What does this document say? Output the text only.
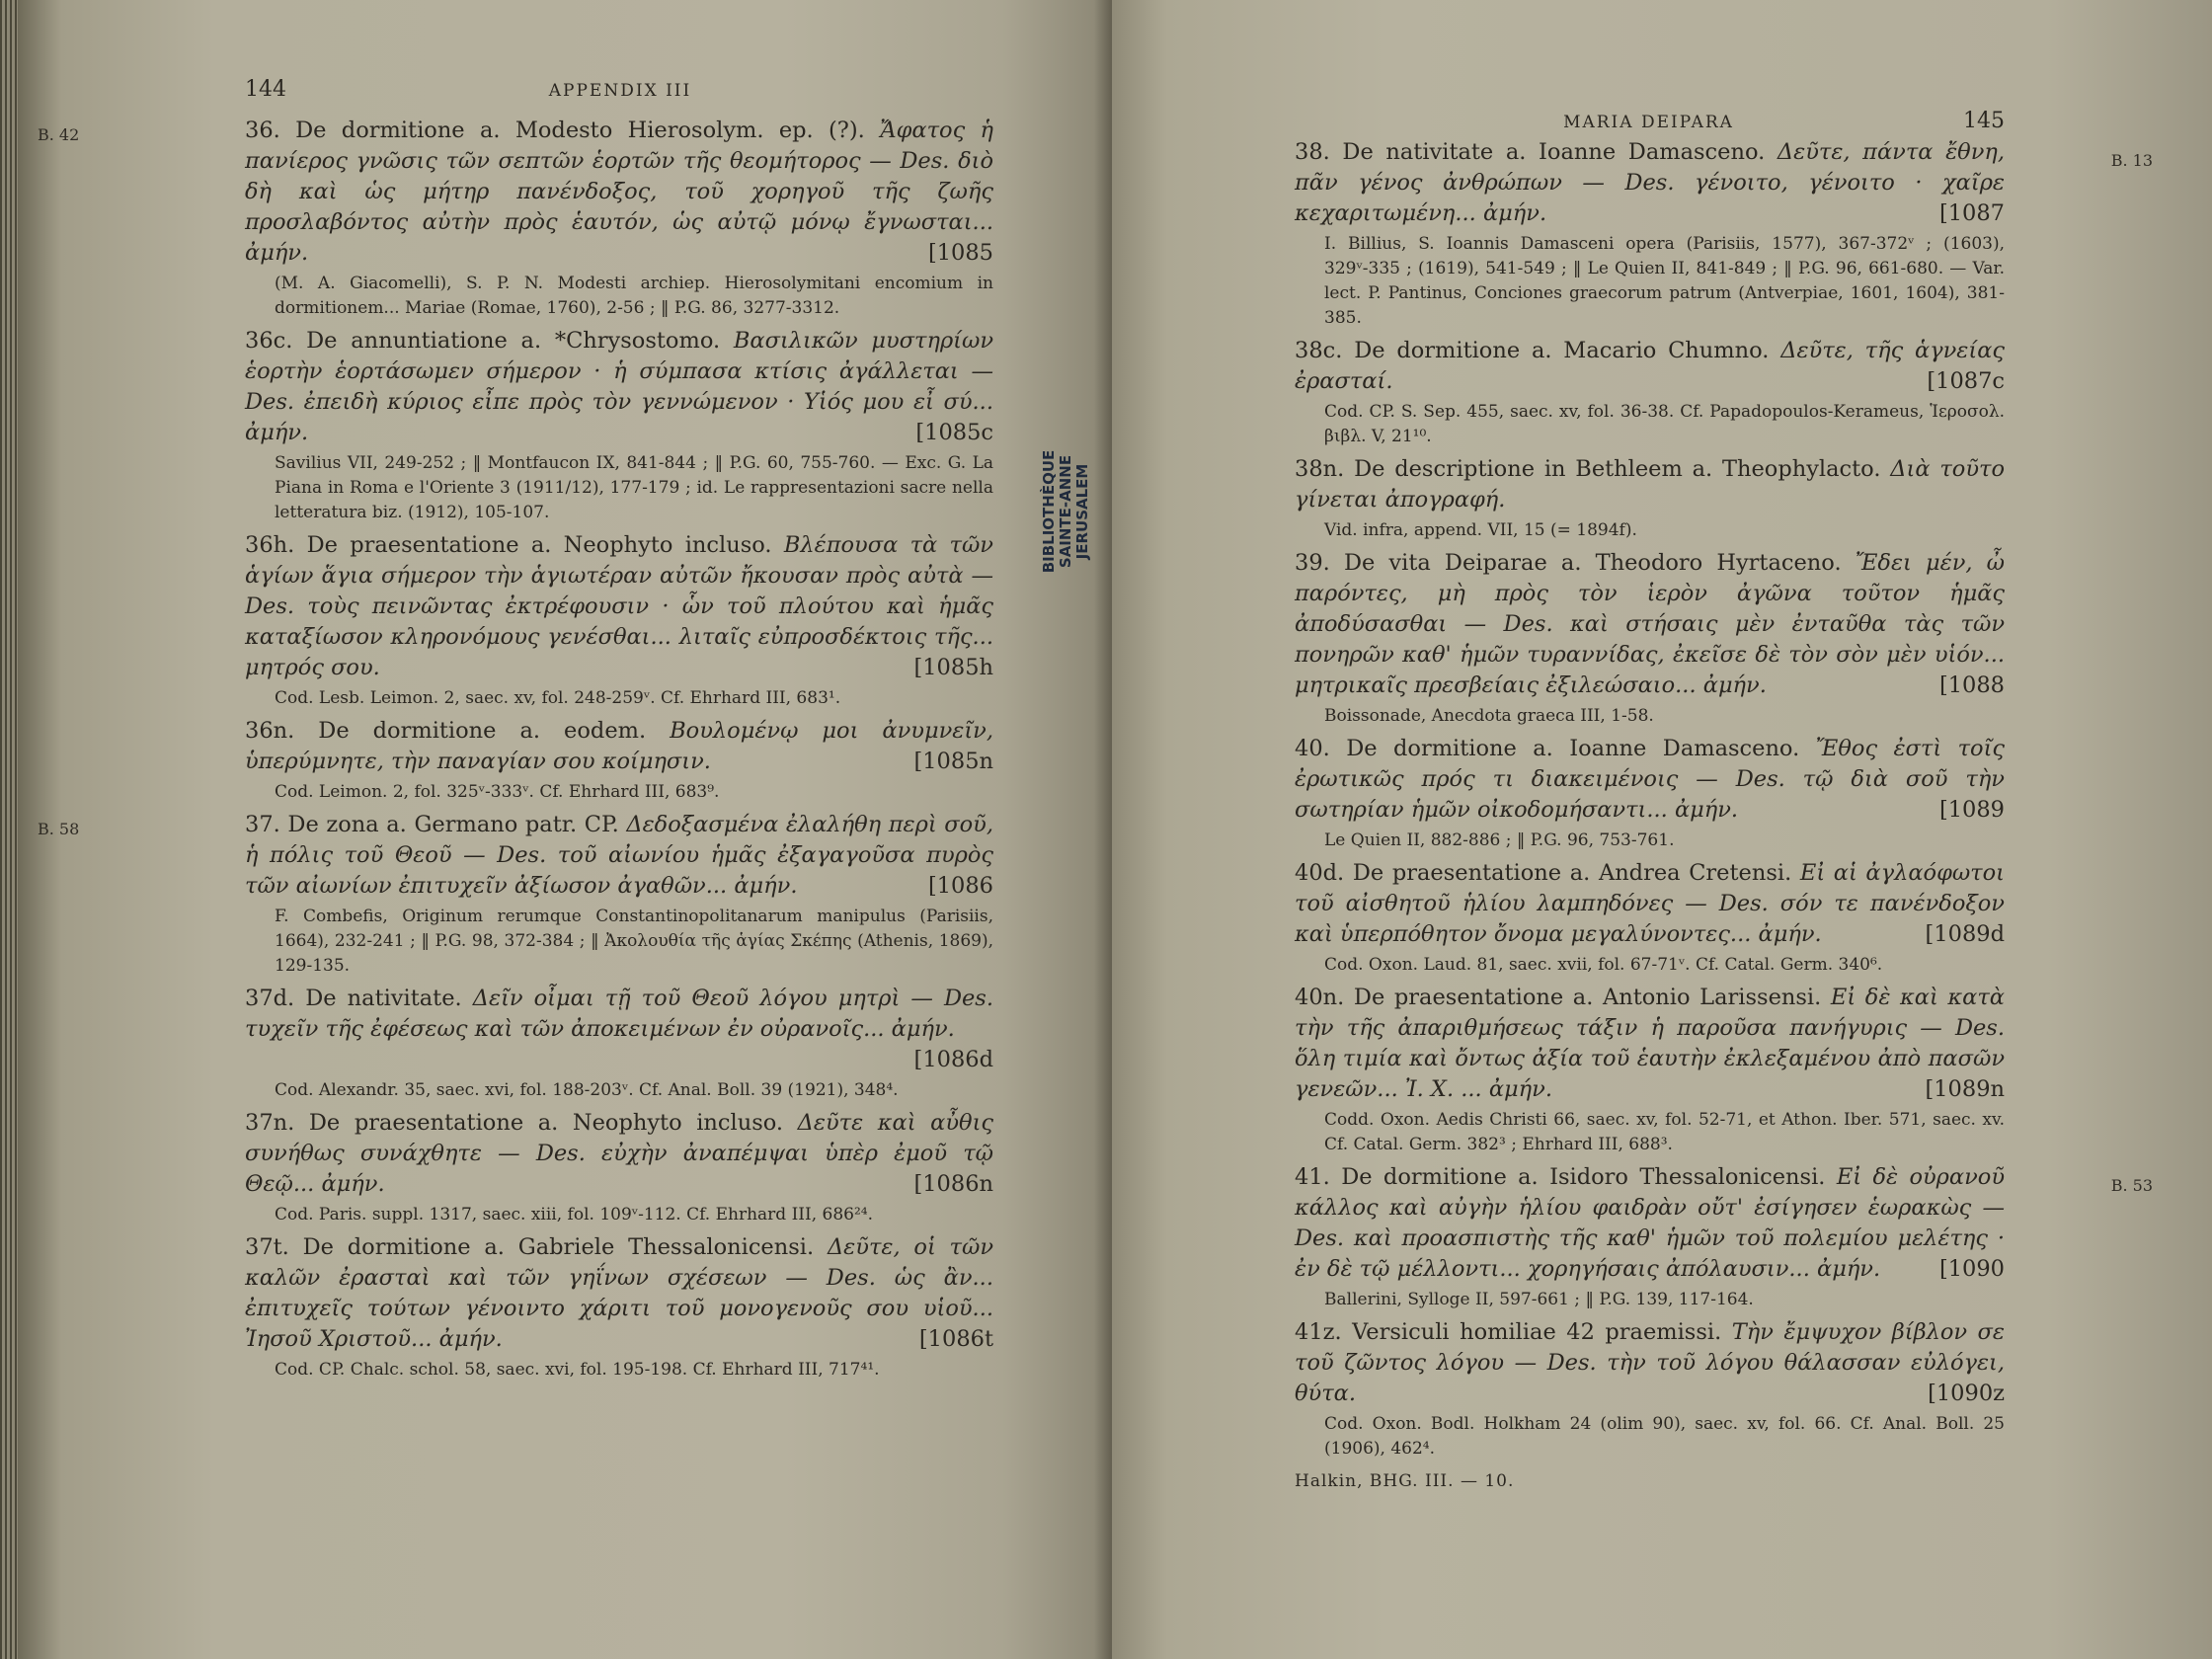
144	APPENDIX III
B. 42	36. De dormitione a. Modesto Hierosolym. ep. (?). Ἄφατος ἡ πανίερος γνῶσις τῶν σεπτῶν ἑορτῶν τῆς θεομήτορος — Des. διὸ δὴ καὶ ὡς μήτηρ πανένδοξος, τοῦ χορηγοῦ τῆς ζωῆς προσλαβόντος αὐτὴν πρὸς ἑαυτόν, ὡς αὐτῷ μόνῳ ἔγνωσται... ἀμήν.	[1085
(M. A. Giacomelli), S. P. N. Modesti archiep. Hierosolymitani encomium in dormitionem... Mariae (Romae, 1760), 2-56 ; ‖ P.G. 86, 3277-3312.
36c. De annuntiatione a. *Chrysostomo. Βασιλικῶν μυστηρίων ἑορτὴν ἑορτάσωμεν σήμερον · ἡ σύμπασα κτίσις ἀγάλλεται — Des. ἐπειδὴ κύριος εἶπε πρὸς τὸν γεννώμενον · Υἱός μου εἶ σύ... ἀμήν.	[1085c
Savilius VII, 249-252 ; ‖ Montfaucon IX, 841-844 ; ‖ P.G. 60, 755-760. — Exc. G. La Piana in Roma e l'Oriente 3 (1911/12), 177-179 ; id. Le rappresentazioni sacre nella letteratura biz. (1912), 105-107.
36h. De praesentatione a. Neophyto incluso. Βλέπουσα τὰ τῶν ἁγίων ἅγια σήμερον τὴν ἁγιωτέραν αὐτῶν ἤκουσαν πρὸς αὐτὰ — Des. τοὺς πεινῶντας ἐκτρέφουσιν · ὧν τοῦ πλούτου καὶ ἡμᾶς καταξίωσον κληρονόμους γενέσθαι... λιταῖς εὐπροσδέκτοις τῆς... μητρός σου.	[1085h
Cod. Lesb. Leimon. 2, saec. xv, fol. 248-259ᵛ. Cf. Ehrhard III, 683¹.
36n. De dormitione a. eodem. Βουλομένῳ μοι ἀνυμνεῖν, ὑπερύμνητε, τὴν παναγίαν σου κοίμησιν.	[1085n
Cod. Leimon. 2, fol. 325ᵛ-333ᵛ. Cf. Ehrhard III, 683⁹.
B. 58	37. De zona a. Germano patr. CP. Δεδοξασμένα ἐλαλήθη περὶ σοῦ, ἡ πόλις τοῦ Θεοῦ — Des. τοῦ αἰωνίου ἡμᾶς ἐξαγαγοῦσα πυρὸς τῶν αἰωνίων ἐπιτυχεῖν ἀξίωσον ἀγαθῶν... ἀμήν.	[1086
F. Combefis, Originum rerumque Constantinopolitanarum manipulus (Parisiis, 1664), 232-241 ; ‖ P.G. 98, 372-384 ; ‖ Ἀκολουθία τῆς ἁγίας Σκέπης (Athenis, 1869), 129-135.
37d. De nativitate. Δεῖν οἶμαι τῇ τοῦ Θεοῦ λόγου μητρὶ — Des. τυχεῖν τῆς ἐφέσεως καὶ τῶν ἀποκειμένων ἐν οὐρανοῖς... ἀμήν.
[1086d
Cod. Alexandr. 35, saec. xvi, fol. 188-203ᵛ. Cf. Anal. Boll. 39 (1921), 348⁴.
37n. De praesentatione a. Neophyto incluso. Δεῦτε καὶ αὖθις συνήθως συνάχθητε — Des. εὐχὴν ἀναπέμψαι ὑπὲρ ἐμοῦ τῷ Θεῷ... ἀμήν.	[1086n
Cod. Paris. suppl. 1317, saec. xiii, fol. 109ᵛ-112. Cf. Ehrhard III, 686²⁴.
37t. De dormitione a. Gabriele Thessalonicensi. Δεῦτε, οἱ τῶν καλῶν ἐρασταὶ καὶ τῶν γηΐνων σχέσεων — Des. ὡς ἂν... ἐπιτυχεῖς τούτων γένοιντο χάριτι τοῦ μονογενοῦς σου υἱοῦ... Ἰησοῦ Χριστοῦ... ἀμήν.	[1086t
Cod. CP. Chalc. schol. 58, saec. xvi, fol. 195-198. Cf. Ehrhard III, 717⁴¹.
BIBLIOTHÈQUE SAINTE-ANNE JERUSALEM
MARIA DEIPARA	145
B. 13
38. De nativitate a. Ioanne Damasceno. Δεῦτε, πάντα ἔθνη, πᾶν γένος ἀνθρώπων — Des. γένοιτο, γένοιτο · χαῖρε κεχαριτωμένη... ἀμήν.	[1087
I. Billius, S. Ioannis Damasceni opera (Parisiis, 1577), 367-372ᵛ ; (1603), 329ᵛ-335 ; (1619), 541-549 ; ‖ Le Quien II, 841-849 ; ‖ P.G. 96, 661-680. — Var. lect. P. Pantinus, Conciones graecorum patrum (Antverpiae, 1601, 1604), 381-385.
38c. De dormitione a. Macario Chumno. Δεῦτε, τῆς ἁγνείας ἐρασταί.	[1087c
Cod. CP. S. Sep. 455, saec. xv, fol. 36-38. Cf. Papadopoulos-Kerameus, Ἱεροσολ. βιβλ. V, 21¹⁰.
38n. De descriptione in Bethleem a. Theophylacto. Διὰ τοῦτο γίνεται ἀπογραφή.
Vid. infra, append. VII, 15 (= 1894f).
39. De vita Deiparae a. Theodoro Hyrtaceno. Ἔδει μέν, ὦ παρόντες, μὴ πρὸς τὸν ἱερὸν ἀγῶνα τοῦτον ἡμᾶς ἀποδύσασθαι — Des. καὶ στήσαις μὲν ἐνταῦθα τὰς τῶν πονηρῶν καθ' ἡμῶν τυραννίδας, ἐκεῖσε δὲ τὸν σὸν μὲν υἱόν... μητρικαῖς πρεσβείαις ἐξιλεώσαιο... ἀμήν.	[1088
Boissonade, Anecdota graeca III, 1-58.
40. De dormitione a. Ioanne Damasceno. Ἔθος ἐστὶ τοῖς ἐρωτικῶς πρός τι διακειμένοις — Des. τῷ διὰ σοῦ τὴν σωτηρίαν ἡμῶν οἰκοδομήσαντι... ἀμήν.	[1089
Le Quien II, 882-886 ; ‖ P.G. 96, 753-761.
40d. De praesentatione a. Andrea Cretensi. Εἰ αἱ ἀγλαόφωτοι τοῦ αἰσθητοῦ ἡλίου λαμπηδόνες — Des. σόν τε πανένδοξον καὶ ὑπερπόθητον ὄνομα μεγαλύνοντες... ἀμήν.	[1089d
Cod. Oxon. Laud. 81, saec. xvii, fol. 67-71ᵛ. Cf. Catal. Germ. 340⁶.
40n. De praesentatione a. Antonio Larissensi. Εἰ δὲ καὶ κατὰ τὴν τῆς ἀπαριθμήσεως τάξιν ἡ παροῦσα πανήγυρις — Des. ὅλη τιμία καὶ ὄντως ἀξία τοῦ ἑαυτὴν ἐκλεξαμένου ἀπὸ πασῶν γενεῶν... Ἰ. Χ. ... ἀμήν.	[1089n
Codd. Oxon. Aedis Christi 66, saec. xv, fol. 52-71, et Athon. Iber. 571, saec. xv. Cf. Catal. Germ. 382³ ; Ehrhard III, 688³.
B. 53
41. De dormitione a. Isidoro Thessalonicensi. Εἰ δὲ οὐρανοῦ κάλλος καὶ αὐγὴν ἡλίου φαιδρὰν οὔτ' ἐσίγησεν ἑωρακὼς — Des. καὶ προασπιστὴς τῆς καθ' ἡμῶν τοῦ πολεμίου μελέτης · ἐν δὲ τῷ μέλλοντι... χορηγήσαις ἀπόλαυσιν... ἀμήν.	[1090
Ballerini, Sylloge II, 597-661 ; ‖ P.G. 139, 117-164.
41z. Versiculi homiliae 42 praemissi. Τὴν ἔμψυχον βίβλον σε τοῦ ζῶντος λόγου — Des. τὴν τοῦ λόγου θάλασσαν εὐλόγει, θύτα.	[1090z
Cod. Oxon. Bodl. Holkham 24 (olim 90), saec. xv, fol. 66. Cf. Anal. Boll. 25 (1906), 462⁴.
Halkin, BHG. III. — 10.
